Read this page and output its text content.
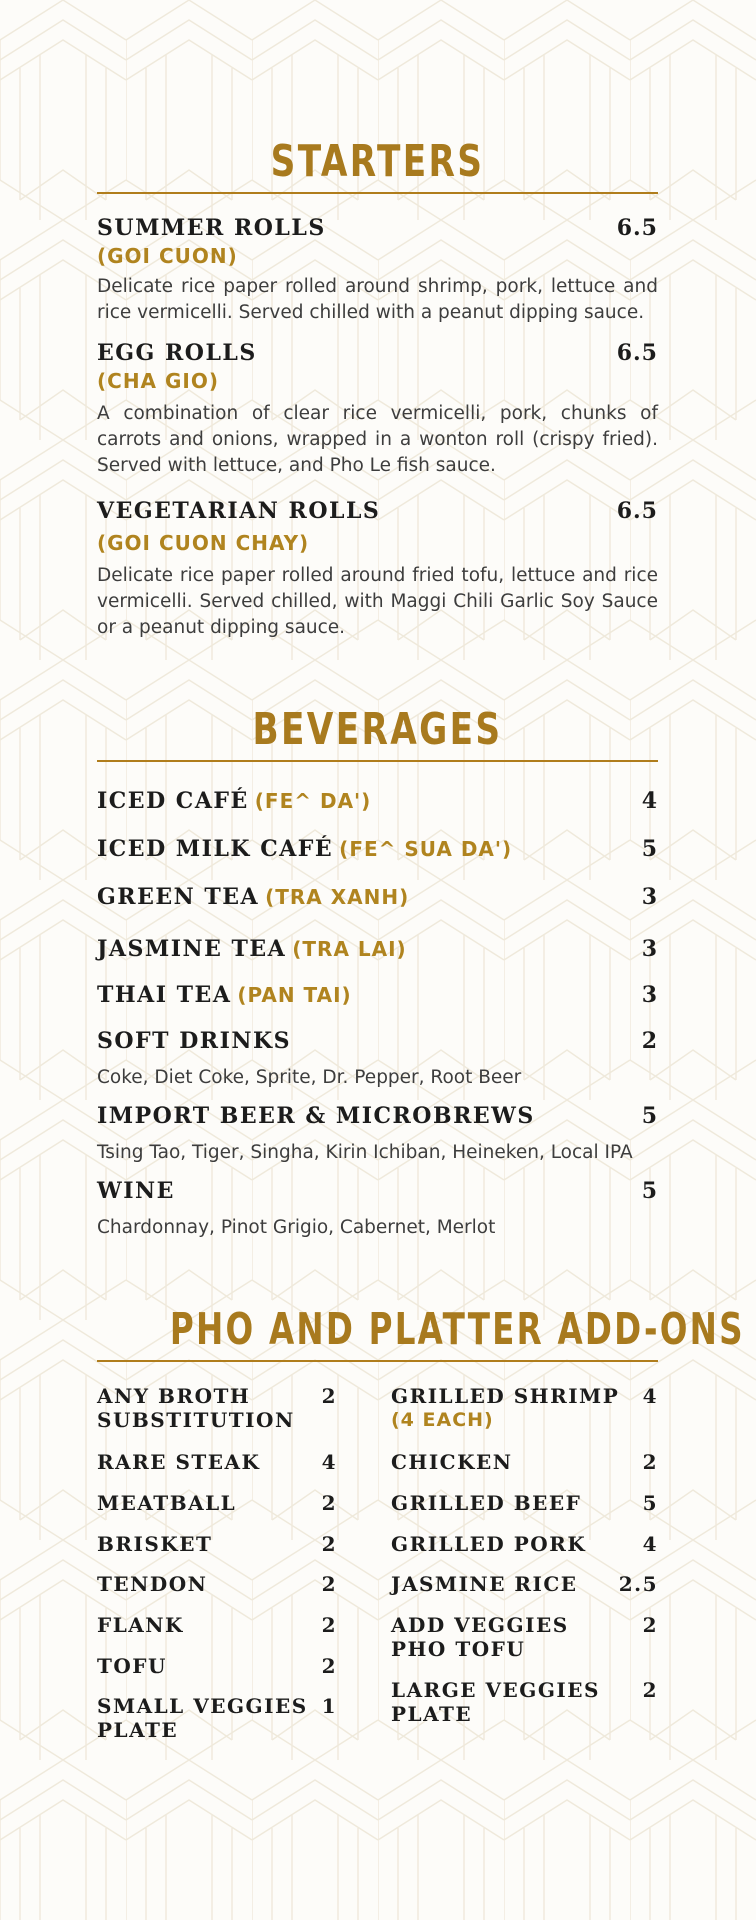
STARTERS
SUMMER ROLLS	6.5
(GOI CUON)

Delicate rice paper rolled around shrimp, pork, lettuce and rice vermicelli. Served chilled with a peanut dipping sauce.

EGG ROLLS	6.5
(CHA GIO)

A combination of clear rice vermicelli, pork, chunks of carrots and onions, wrapped in a wonton roll (crispy fried). Served with lettuce, and Pho Le fish sauce.

VEGETARIAN ROLLS	6.5
(GOI CUON CHAY)

Delicate rice paper rolled around fried tofu, lettuce and rice vermicelli. Served chilled, with Maggi Chili Garlic Soy Sauce or a peanut dipping sauce.

BEVERAGES
ICED CAFÉ (FE^ DA')	4
ICED MILK CAFÉ (FE^ SUA DA')	5
GREEN TEA (TRA XANH)	3
JASMINE TEA (TRA LAI)	3
THAI TEA (PAN TAI)	3
SOFT DRINKS	2
Coke, Diet Coke, Sprite, Dr. Pepper, Root Beer
IMPORT BEER & MICROBREWS	5
Tsing Tao, Tiger, Singha, Kirin Ichiban, Heineken, Local IPA
WINE	5
Chardonnay, Pinot Grigio, Cabernet, Merlot
PHO AND PLATTER ADD-ONS
ANY BROTH
SUBSTITUTION
2
RARE STEAK	4
MEATBALL	2
BRISKET	2
TENDON	2
FLANK	2
TOFU	2
SMALL VEGGIES
PLATE
1
GRILLED SHRIMP
(4 EACH)
4
CHICKEN	2
GRILLED BEEF	5
GRILLED PORK	4
JASMINE RICE 2.5
ADD VEGGIES
PHO TOFU
2
LARGE VEGGIES
PLATE
2
